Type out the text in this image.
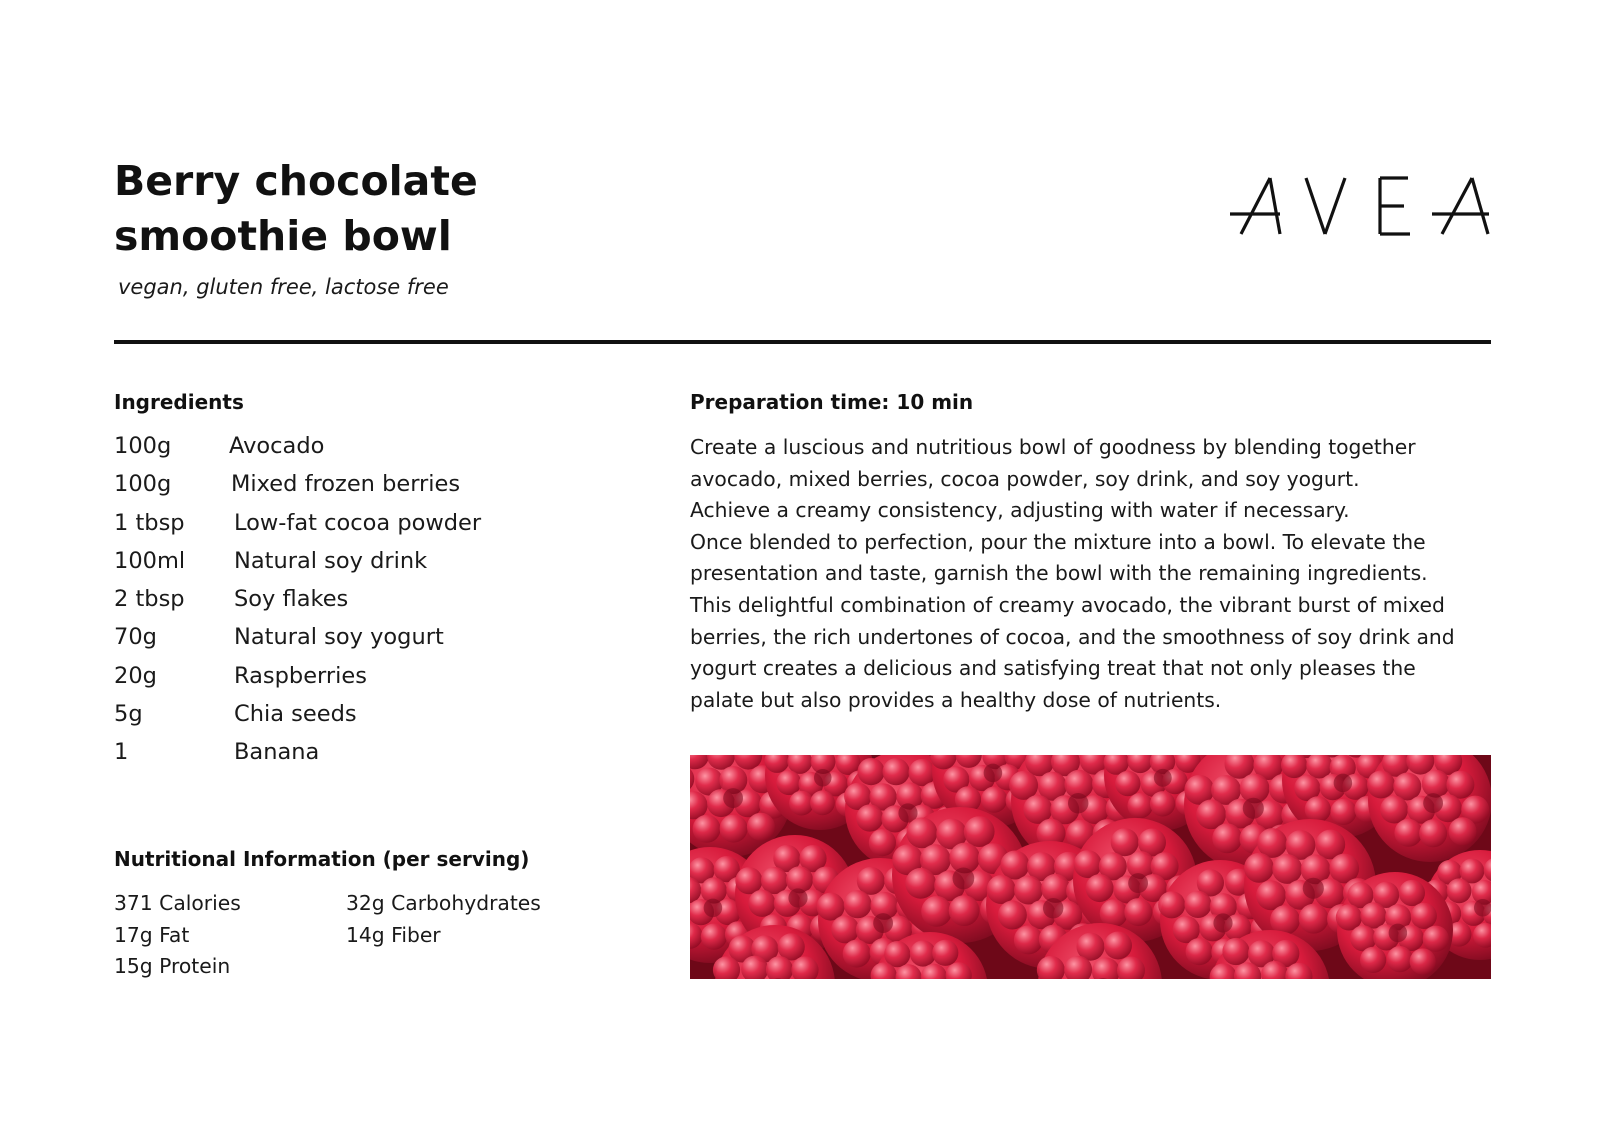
Berry chocolate
smoothie bowl

vegan, gluten free, lactose free

Ingredients
100g	Avocado
100g	Mixed frozen berries
1 tbsp	Low-fat cocoa powder
100ml	Natural soy drink
2 tbsp	Soy flakes
70g	Natural soy yogurt
20g	Raspberries
5g	Chia seeds
1	Banana
Preparation time: 10 min

Create a luscious and nutritious bowl of goodness by blending together
avocado, mixed berries, cocoa powder, soy drink, and soy yogurt.
Achieve a creamy consistency, adjusting with water if necessary.
Once blended to perfection, pour the mixture into a bowl. To elevate the
presentation and taste, garnish the bowl with the remaining ingredients.
This delightful combination of creamy avocado, the vibrant burst of mixed
berries, the rich undertones of cocoa, and the smoothness of soy drink and
yogurt creates a delicious and satisfying treat that not only pleases the
palate but also provides a healthy dose of nutrients.

Nutritional Information (per serving)
371 Calories
17g Fat
15g Protein
32g Carbohydrates
14g Fiber
